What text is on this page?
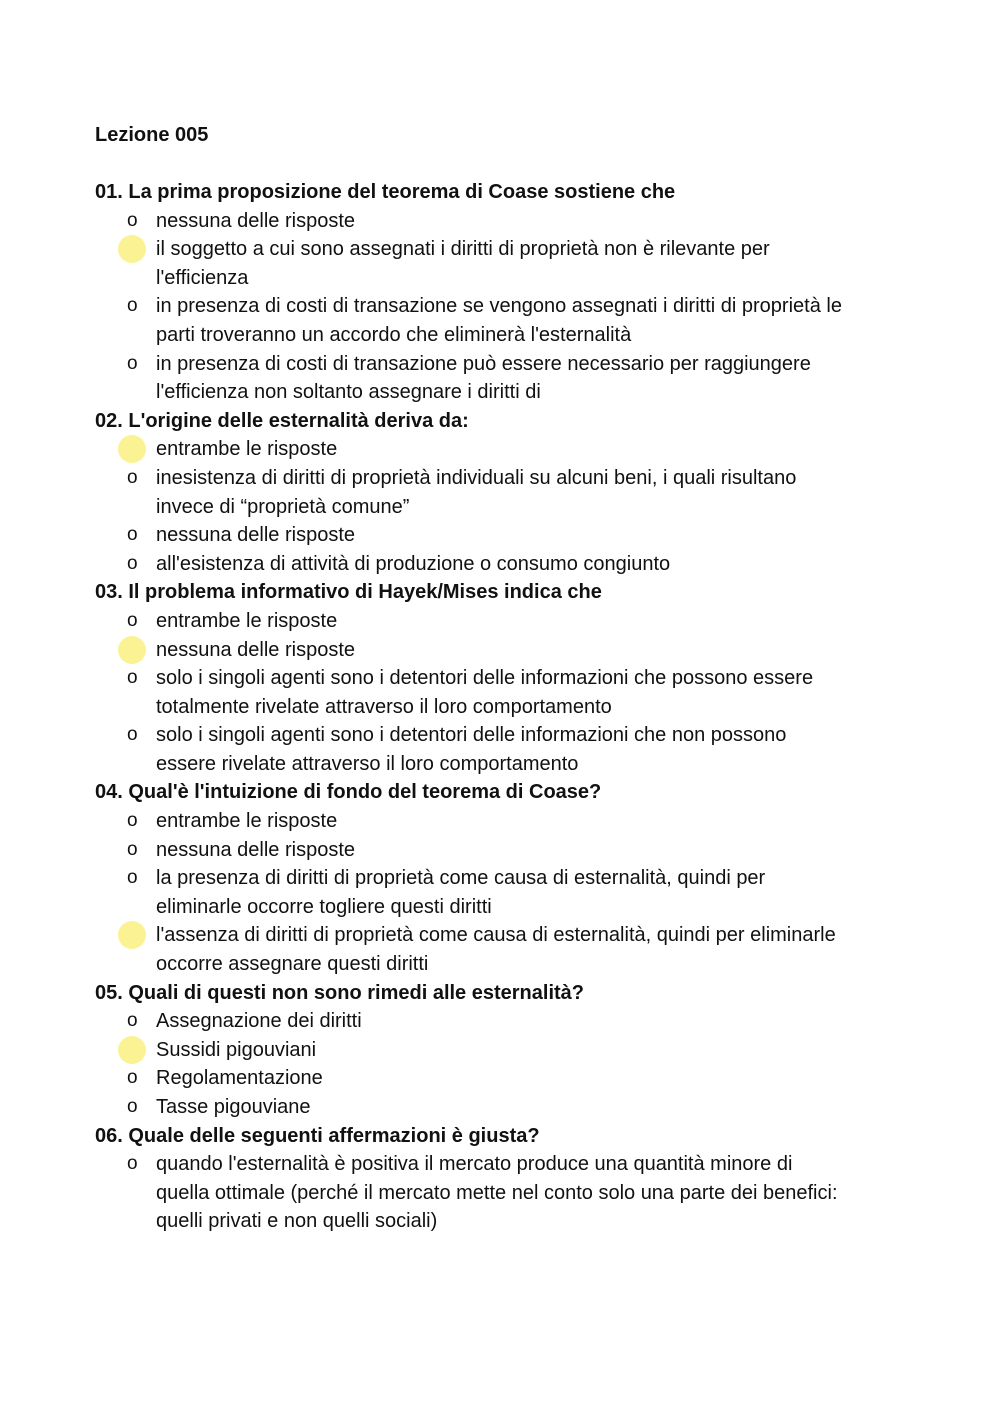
Lezione 005

01. La prima proposizione del teorema di Coase sostiene che

o nessuna delle risposte
il soggetto a cui sono assegnati i diritti di proprietà non è rilevante per
l'efficienza
o in presenza di costi di transazione se vengono assegnati i diritti di proprietà le
parti troveranno un accordo che eliminerà l'esternalità
o in presenza di costi di transazione può essere necessario per raggiungere
l'efficienza non soltanto assegnare i diritti di

02. L'origine delle esternalità deriva da:

entrambe le risposte
o inesistenza di diritti di proprietà individuali su alcuni beni, i quali risultano
invece di “proprietà comune”
o nessuna delle risposte
o all'esistenza di attività di produzione o consumo congiunto

03. Il problema informativo di Hayek/Mises indica che

o entrambe le risposte
nessuna delle risposte
o solo i singoli agenti sono i detentori delle informazioni che possono essere
totalmente rivelate attraverso il loro comportamento
o solo i singoli agenti sono i detentori delle informazioni che non possono
essere rivelate attraverso il loro comportamento

04. Qual'è l'intuizione di fondo del teorema di Coase?

o entrambe le risposte
o nessuna delle risposte
o la presenza di diritti di proprietà come causa di esternalità, quindi per
eliminarle occorre togliere questi diritti
l'assenza di diritti di proprietà come causa di esternalità, quindi per eliminarle
occorre assegnare questi diritti

05. Quali di questi non sono rimedi alle esternalità?

o Assegnazione dei diritti
Sussidi pigouviani
o Regolamentazione
o Tasse pigouviane

06. Quale delle seguenti affermazioni è giusta?

o quando l'esternalità è positiva il mercato produce una quantità minore di
quella ottimale (perché il mercato mette nel conto solo una parte dei benefici:
quelli privati e non quelli sociali)
